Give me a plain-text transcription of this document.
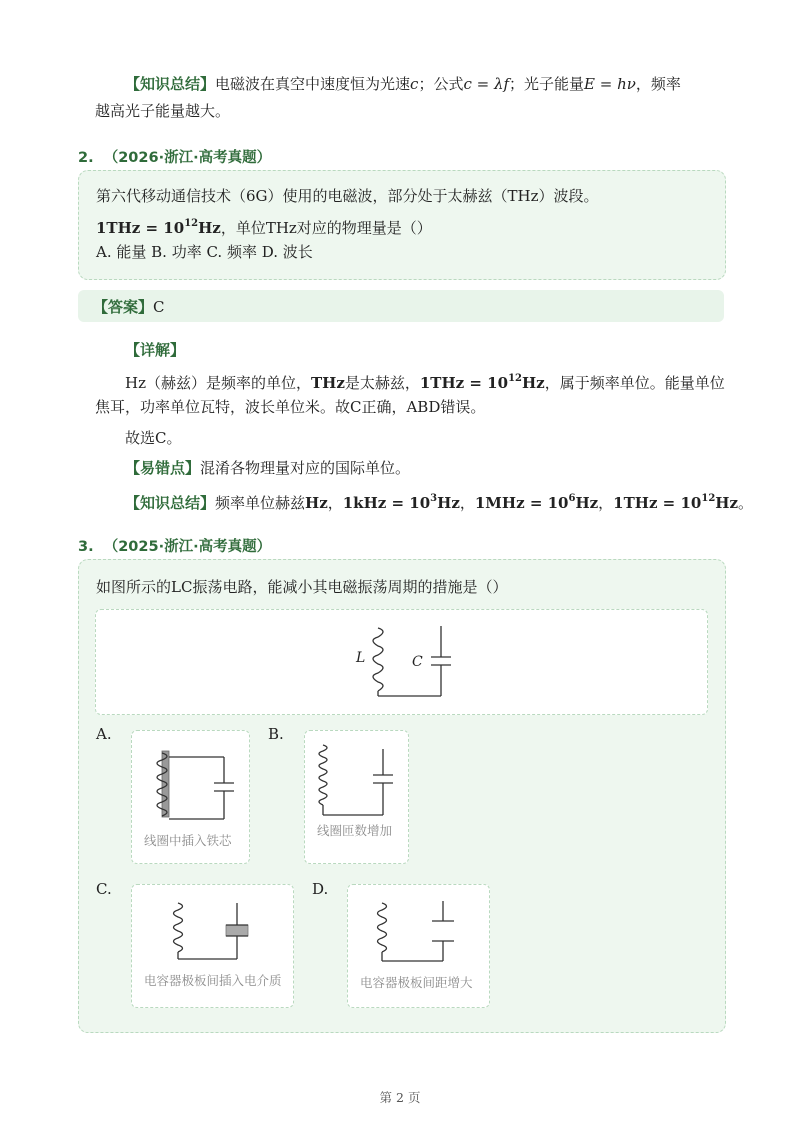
【知识总结】电磁波在真空中速度恒为光速c；公式c = λf；光子能量E = hν，频率
越高光子能量越大。
2. （2026·浙江·高考真题）
第六代移动通信技术（6G）使用的电磁波，部分处于太赫兹（THz）波段。
$1THz = 10^{12}Hz$，单位THz对应的物理量是（）
A. 能量 B. 功率 C. 频率 D. 波长
【答案】C
【详解】
Hz（赫兹）是频率的单位，THz是太赫兹，$1THz = 10^{12}Hz$，属于频率单位。能量单位
焦耳，功率单位瓦特，波长单位米。故C正确，ABD错误。
故选C。
【易错点】混淆各物理量对应的国际单位。
【知识总结】频率单位赫兹Hz，$1kHz = 10^3Hz$，$1MHz = 10^6Hz$，$1THz = 10^{12}Hz$。
3. （2025·浙江·高考真题）
如图所示的LC振荡电路，能减小其电磁振荡周期的措施是（）
L	C
A.
线圈中插入铁芯
B.
线圈匝数增加
C.
电容器极板间插入电介质
D.
电容器极板间距增大
第 2 页
